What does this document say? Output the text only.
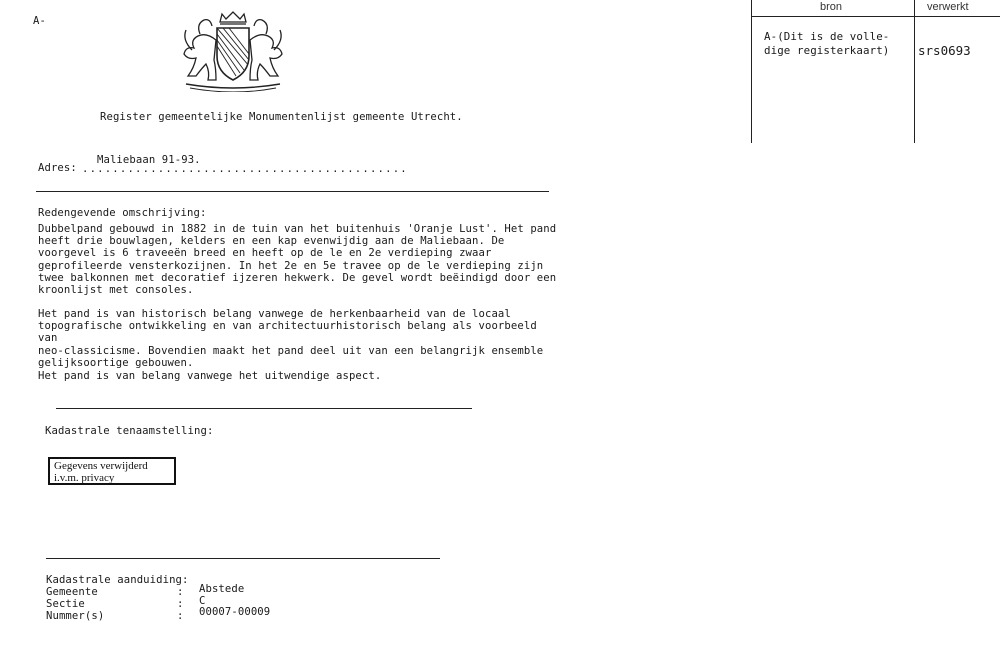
A-
Register gemeentelijke Monumentenlijst gemeente Utrecht.
Adres: ...........................................
Maliebaan 91-93.
Redengevende omschrijving:
Dubbelpand gebouwd in 1882 in de tuin van het buitenhuis 'Oranje Lust'. Het pand
heeft drie bouwlagen, kelders en een kap evenwijdig aan de Maliebaan. De
voorgevel is 6 traveeën breed en heeft op de le en 2e verdieping zwaar
geprofileerde vensterkozijnen. In het 2e en 5e travee op de le verdieping zijn
twee balkonnen met decoratief ijzeren hekwerk. De gevel wordt beëindigd door een
kroonlijst met consoles.
Het pand is van historisch belang vanwege de herkenbaarheid van de locaal
topografische ontwikkeling en van architectuurhistorisch belang als voorbeeld van
neo-classicisme. Bovendien maakt het pand deel uit van een belangrijk ensemble
gelijksoortige gebouwen.
Het pand is van belang vanwege het uitwendige aspect.
Kadastrale tenaamstelling:
Gegevens verwijderd i.v.m. privacy
Kadastrale aanduiding:
Gemeente	: Abstede
Sectie	: C
Nummer(s)	: 00007-00009
bron	verwerkt
A-(Dit is de volle-
dige registerkaart) srs0693
